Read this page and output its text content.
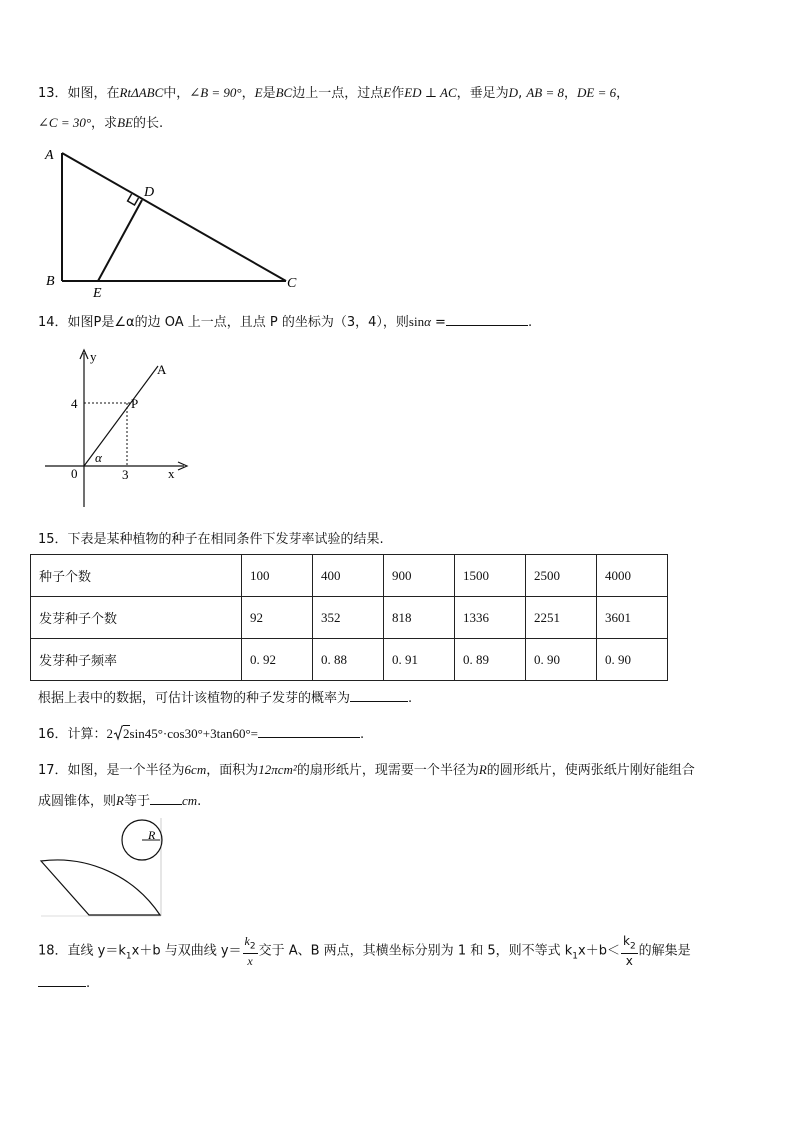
13．如图，在RtΔABC中，∠B = 90°，E是BC边上一点，过点E作ED ⊥ AC，垂足为D, AB = 8，DE = 6，
∠C = 30°，求BE的长.
A
D
B
E
C
14．如图P是∠α的边 OA 上一点，且点 P 的坐标为（3，4），则sinα =	.
y
A
4	P
α
0	3	x
15．下表是某种植物的种子在相同条件下发芽率试验的结果.
种子个数	100	400	900	1500	2500	4000
发芽种子个数	92	352	818	1336	2251	3601
发芽种子频率	0. 92	0. 88	0. 91	0. 89	0. 90	0. 90
根据上表中的数据，可估计该植物的种子发芽的概率为	.
16．计算：2 2sin45°·cos30°+3tan60°=	.
17．如图，是一个半径为6cm，面积为12πcm²的扇形纸片，现需要一个半径为R的圆形纸片，使两张纸片刚好能组合
成圆锥体，则R等于 cm.
R
18．直线 $y=k_1x+b$ 与双曲线 $y= \frac{k_2}{x}$ 交于 A、B 两点，其横坐标分别为 1 和 5，则不等式 $k_1x+b< \frac{k_2}{x}$ 的解集是
.
